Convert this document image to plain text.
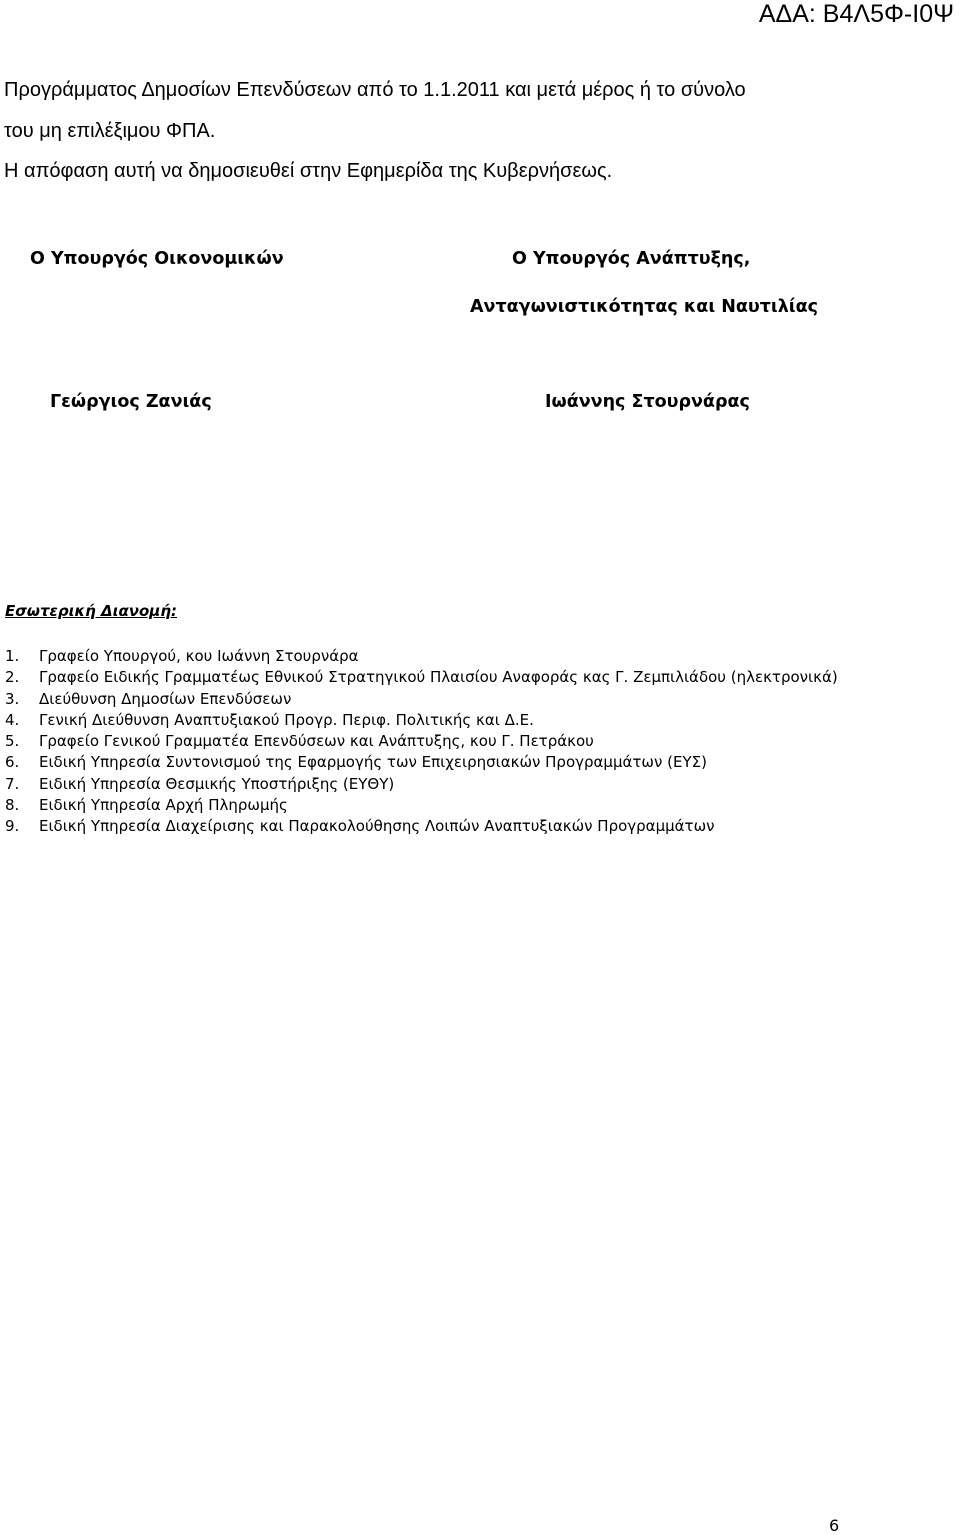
ΑΔΑ: Β4Λ5Φ-Ι0Ψ
Προγράμματος Δημοσίων Επενδύσεων από το 1.1.2011 και μετά μέρος ή το σύνολο
του μη επιλέξιμου ΦΠΑ.
Η απόφαση αυτή να δημοσιευθεί στην Εφημερίδα της Κυβερνήσεως.
Ο Υπουργός Οικονομικών	Ο Υπουργός Ανάπτυξης,
Ανταγωνιστικότητας και Ναυτιλίας
Γεώργιος Ζανιάς	Ιωάννης Στουρνάρας
Εσωτερική Διανομή:
1.	Γραφείο Υπουργού, κου Ιωάννη Στουρνάρα
2.	Γραφείο Ειδικής Γραμματέως Εθνικού Στρατηγικού Πλαισίου Αναφοράς κας Γ. Ζεμπιλιάδου (ηλεκτρονικά)
3.	Διεύθυνση Δημοσίων Επενδύσεων
4.	Γενική Διεύθυνση Αναπτυξιακού Προγρ. Περιφ. Πολιτικής και Δ.Ε.
5.	Γραφείο Γενικού Γραμματέα Επενδύσεων και Ανάπτυξης, κου Γ. Πετράκου
6.	Ειδική Υπηρεσία Συντονισμού της Εφαρμογής των Επιχειρησιακών Προγραμμάτων (ΕΥΣ)
7.	Ειδική Υπηρεσία Θεσμικής Υποστήριξης (ΕΥΘΥ)
8.	Ειδική Υπηρεσία Αρχή Πληρωμής
9.	Ειδική Υπηρεσία Διαχείρισης και Παρακολούθησης Λοιπών Αναπτυξιακών Προγραμμάτων
6
